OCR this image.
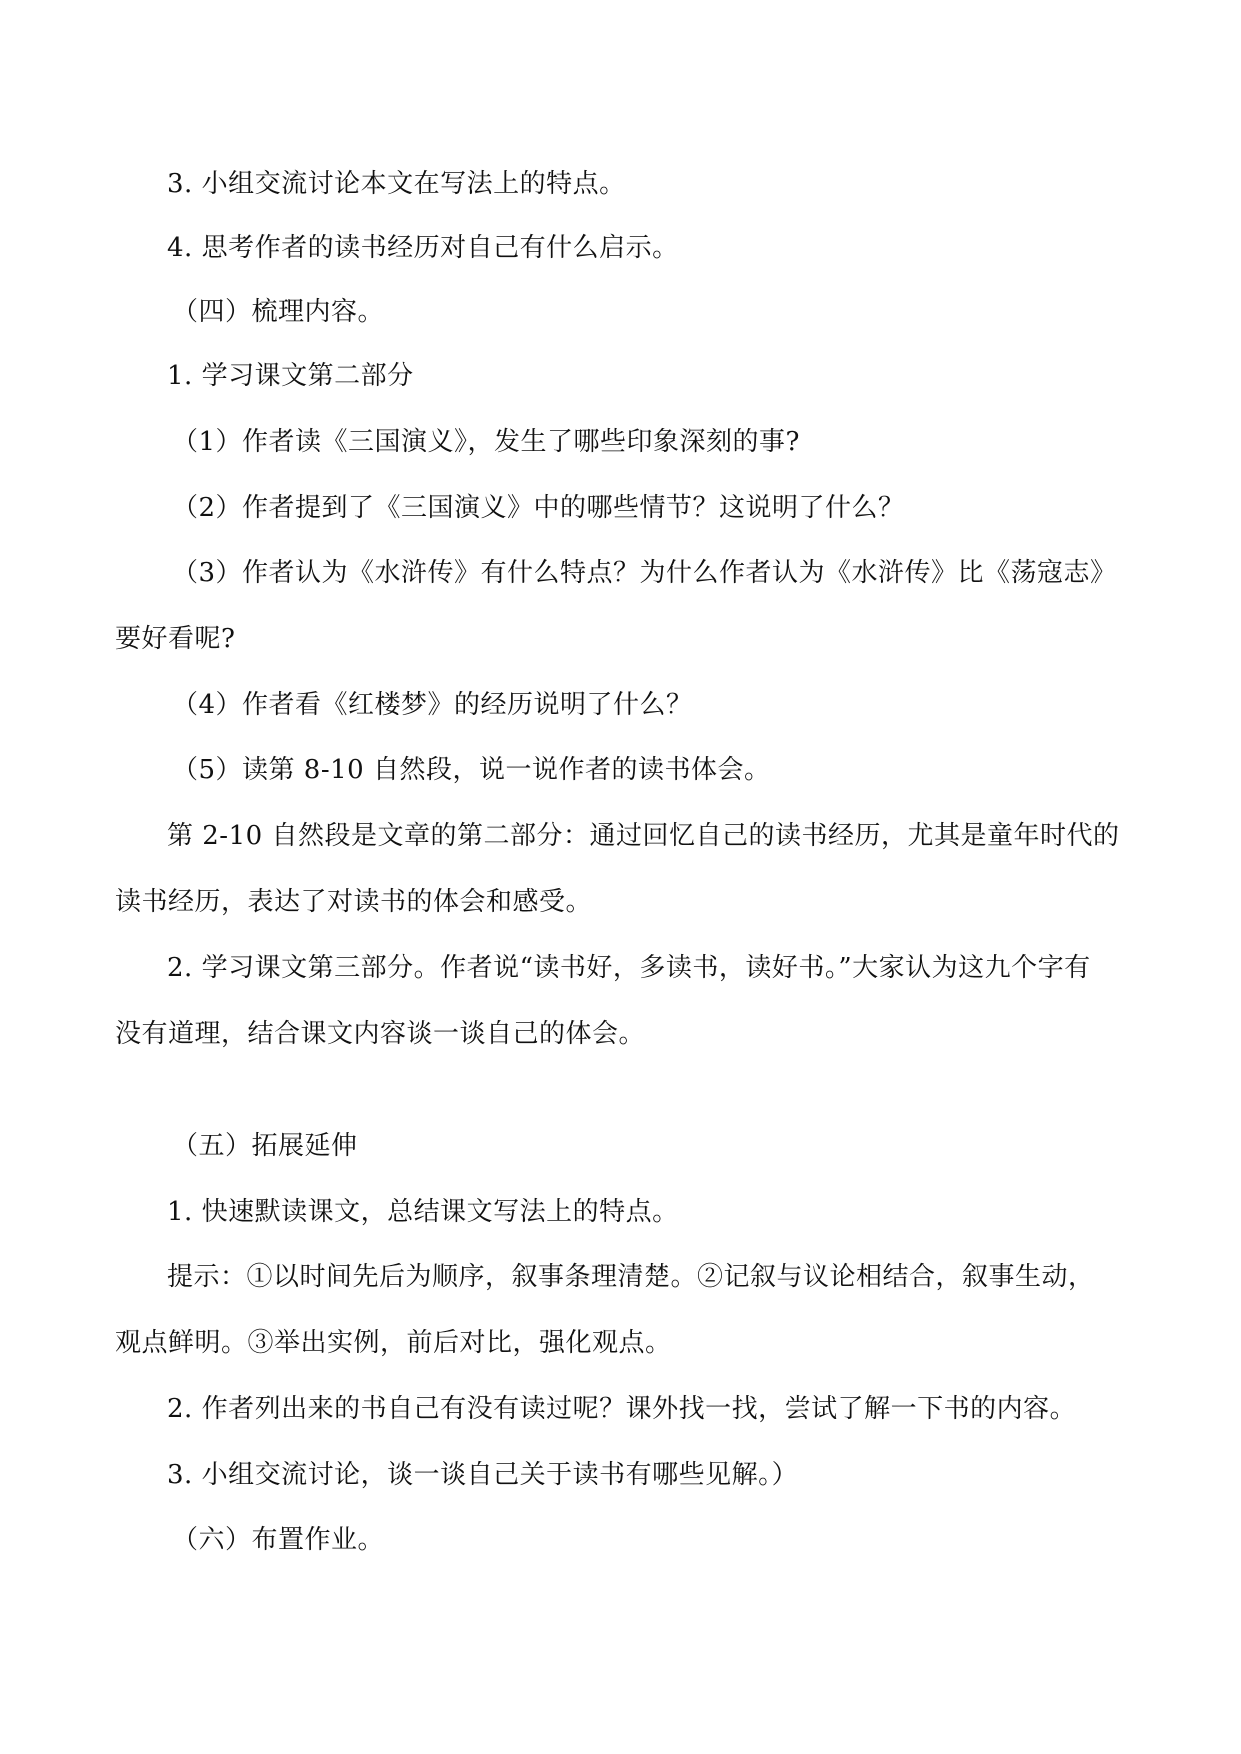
3. 小组交流讨论本文在写法上的特点。
4. 思考作者的读书经历对自己有什么启示。
（四）梳理内容。
1. 学习课文第二部分
（1）作者读《三国演义》，发生了哪些印象深刻的事?
（2）作者提到了《三国演义》中的哪些情节？这说明了什么？
（3）作者认为《水浒传》有什么特点？为什么作者认为《水浒传》比《荡寇志》
要好看呢?
（4）作者看《红楼梦》的经历说明了什么？
（5）读第 8-10 自然段，说一说作者的读书体会。
第 2-10 自然段是文章的第二部分：通过回忆自己的读书经历，尤其是童年时代的
读书经历，表达了对读书的体会和感受。
2. 学习课文第三部分。作者说“读书好，多读书，读好书。”大家认为这九个字有
没有道理，结合课文内容谈一谈自己的体会。
（五）拓展延伸
1. 快速默读课文，总结课文写法上的特点。
提示：①以时间先后为顺序，叙事条理清楚。②记叙与议论相结合，叙事生动，
观点鲜明。③举出实例，前后对比，强化观点。
2. 作者列出来的书自己有没有读过呢？课外找一找，尝试了解一下书的内容。
3. 小组交流讨论，谈一谈自己关于读书有哪些见解。）
（六）布置作业。
